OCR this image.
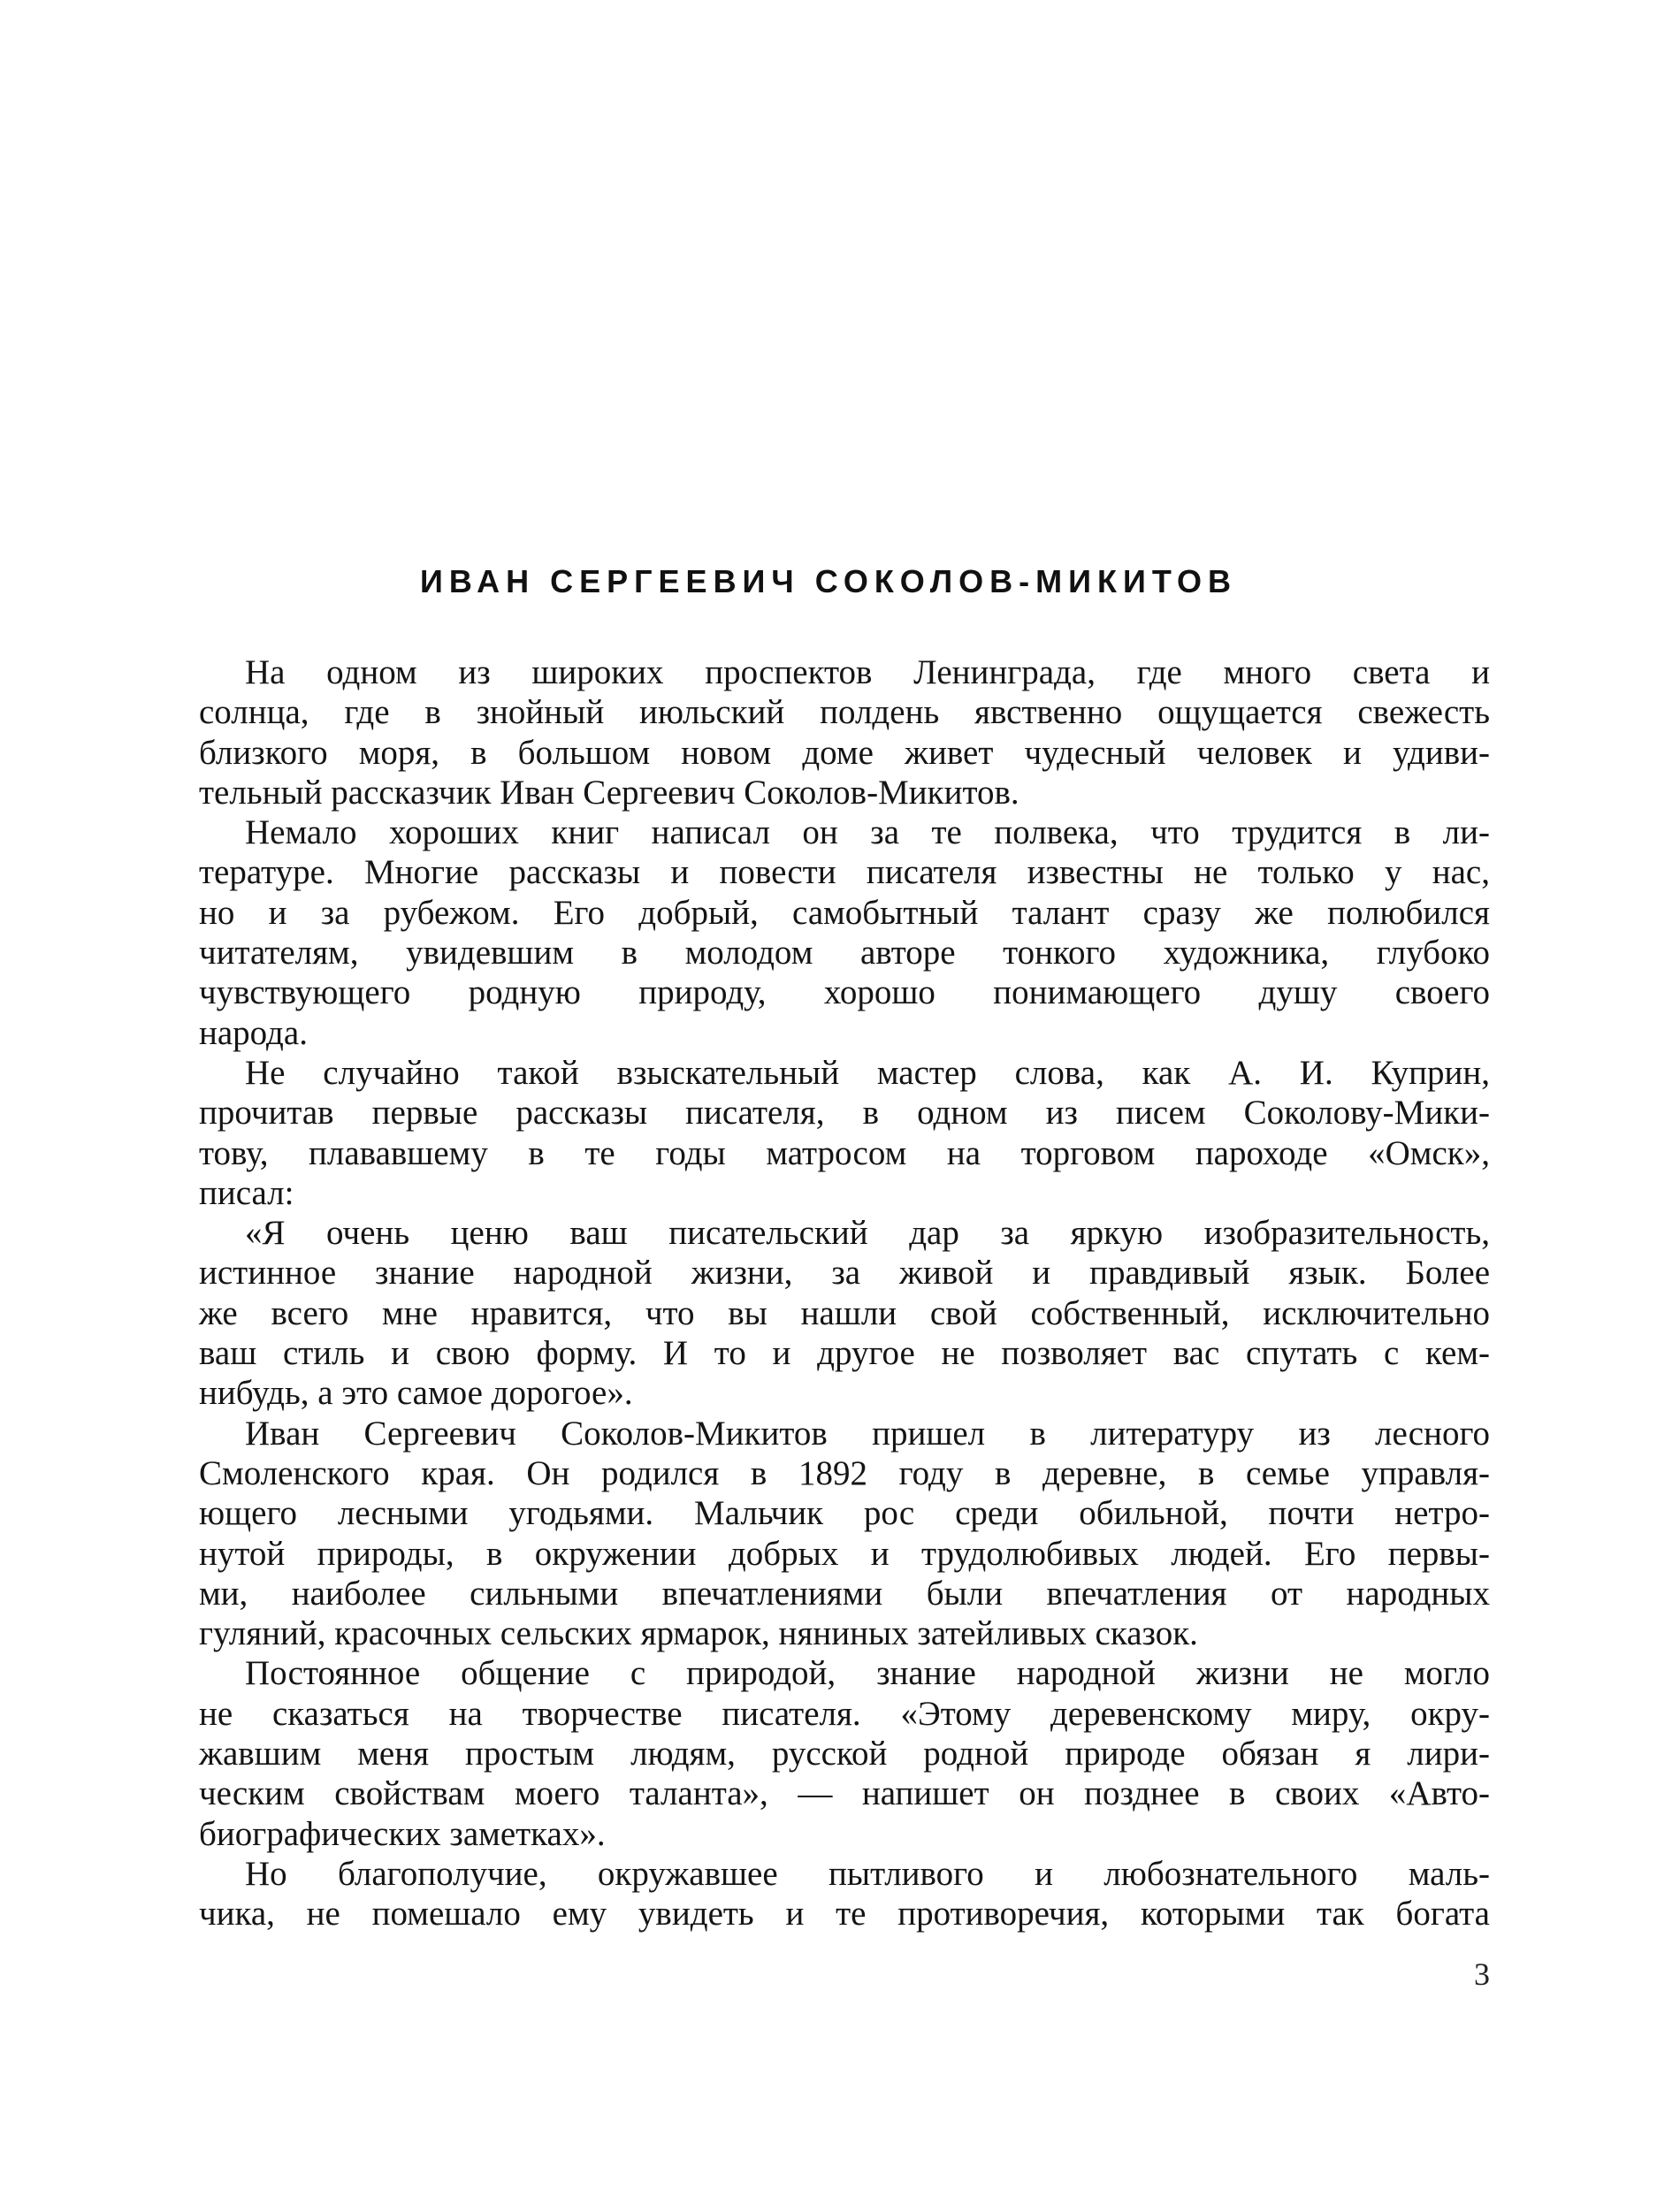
ИВАН СЕРГЕЕВИЧ СОКОЛОВ-МИКИТОВ
На одном из широких проспектов Ленинграда, где много света и
солнца, где в знойный июльский полдень явственно ощущается свежесть
близкого моря, в большом новом доме живет чудесный человек и удиви-
тельный рассказчик Иван Сергеевич Соколов-Микитов.
Немало хороших книг написал он за те полвека, что трудится в ли-
тературе. Многие рассказы и повести писателя известны не только у нас,
но и за рубежом. Его добрый, самобытный талант сразу же полюбился
читателям, увидевшим в молодом авторе тонкого художника, глубоко
чувствующего родную природу, хорошо понимающего душу своего
народа.
Не случайно такой взыскательный мастер слова, как А. И. Куприн,
прочитав первые рассказы писателя, в одном из писем Соколову-Мики-
тову, плававшему в те годы матросом на торговом пароходе «Омск»,
писал:
«Я очень ценю ваш писательский дар за яркую изобразительность,
истинное знание народной жизни, за живой и правдивый язык. Более
же всего мне нравится, что вы нашли свой собственный, исключительно
ваш стиль и свою форму. И то и другое не позволяет вас спутать с кем-
нибудь, а это самое дорогое».
Иван Сергеевич Соколов-Микитов пришел в литературу из лесного
Смоленского края. Он родился в 1892 году в деревне, в семье управля-
ющего лесными угодьями. Мальчик рос среди обильной, почти нетро-
нутой природы, в окружении добрых и трудолюбивых людей. Его первы-
ми, наиболее сильными впечатлениями были впечатления от народных
гуляний, красочных сельских ярмарок, няниных затейливых сказок.
Постоянное общение с природой, знание народной жизни не могло
не сказаться на творчестве писателя. «Этому деревенскому миру, окру-
жавшим меня простым людям, русской родной природе обязан я лири-
ческим свойствам моего таланта», — напишет он позднее в своих «Авто-
биографических заметках».
Но благополучие, окружавшее пытливого и любознательного маль-
чика, не помешало ему увидеть и те противоречия, которыми так богата
3
